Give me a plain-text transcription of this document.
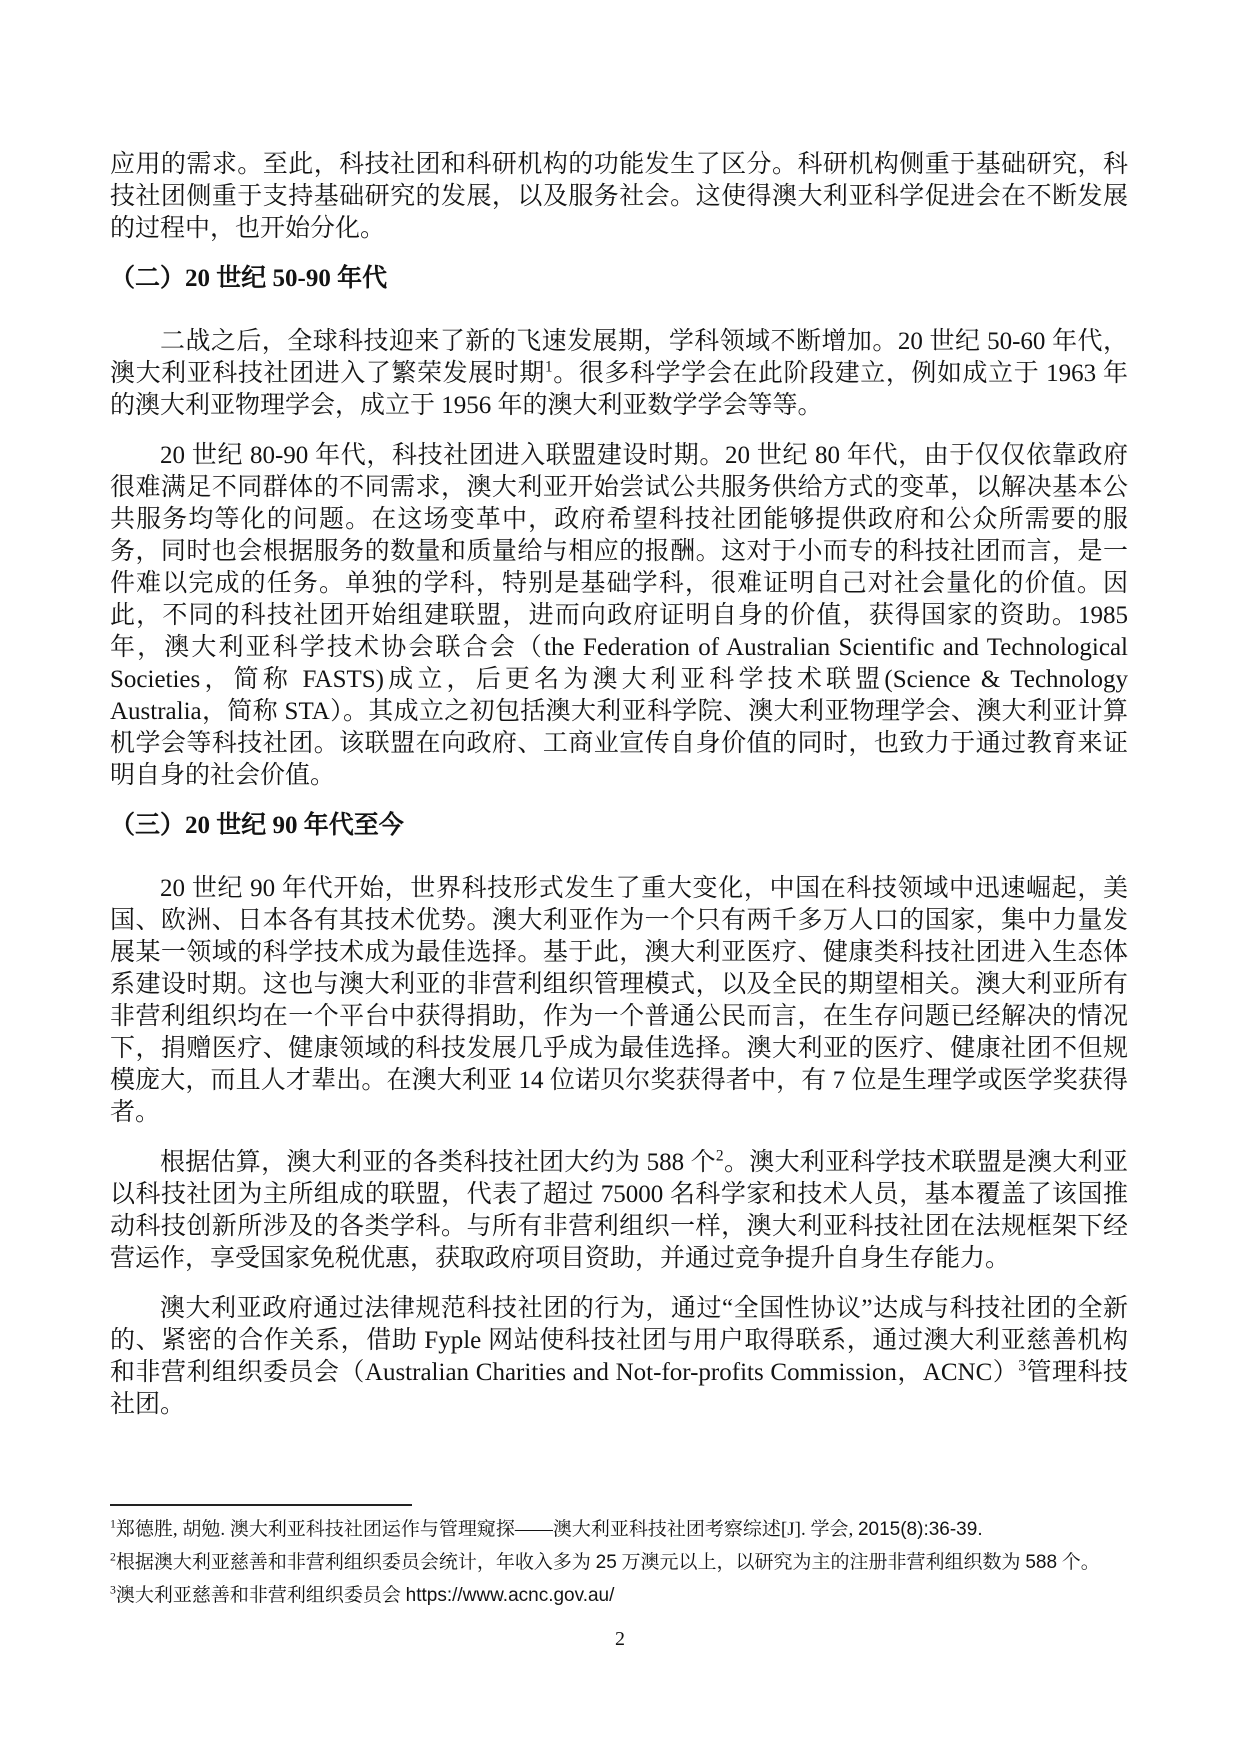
应用的需求。至此，科技社团和科研机构的功能发生了区分。科研机构侧重于基础研究，科技社团侧重于支持基础研究的发展，以及服务社会。这使得澳大利亚科学促进会在不断发展的过程中，也开始分化。

（二）20 世纪 50-90 年代

二战之后，全球科技迎来了新的飞速发展期，学科领域不断增加。20 世纪 50-60 年代，澳大利亚科技社团进入了繁荣发展时期$^1$。很多科学学会在此阶段建立，例如成立于 1963 年的澳大利亚物理学会，成立于 1956 年的澳大利亚数学学会等等。

20 世纪 80-90 年代，科技社团进入联盟建设时期。20 世纪 80 年代，由于仅仅依靠政府很难满足不同群体的不同需求，澳大利亚开始尝试公共服务供给方式的变革，以解决基本公共服务均等化的问题。在这场变革中，政府希望科技社团能够提供政府和公众所需要的服务，同时也会根据服务的数量和质量给与相应的报酬。这对于小而专的科技社团而言，是一件难以完成的任务。单独的学科，特别是基础学科，很难证明自己对社会量化的价值。因此，不同的科技社团开始组建联盟，进而向政府证明自身的价值，获得国家的资助。1985 年，澳大利亚科学技术协会联合会（the Federation of Australian Scientific and Technological Societies，简称 FASTS)成立，后更名为澳大利亚科学技术联盟(Science & Technology Australia，简称 STA）。其成立之初包括澳大利亚科学院、澳大利亚物理学会、澳大利亚计算机学会等科技社团。该联盟在向政府、工商业宣传自身价值的同时，也致力于通过教育来证明自身的社会价值。

（三）20 世纪 90 年代至今

20 世纪 90 年代开始，世界科技形式发生了重大变化，中国在科技领域中迅速崛起，美国、欧洲、日本各有其技术优势。澳大利亚作为一个只有两千多万人口的国家，集中力量发展某一领域的科学技术成为最佳选择。基于此，澳大利亚医疗、健康类科技社团进入生态体系建设时期。这也与澳大利亚的非营利组织管理模式，以及全民的期望相关。澳大利亚所有非营利组织均在一个平台中获得捐助，作为一个普通公民而言，在生存问题已经解决的情况下，捐赠医疗、健康领域的科技发展几乎成为最佳选择。澳大利亚的医疗、健康社团不但规模庞大，而且人才辈出。在澳大利亚 14 位诺贝尔奖获得者中，有 7 位是生理学或医学奖获得者。

根据估算，澳大利亚的各类科技社团大约为 588 个$^2$。澳大利亚科学技术联盟是澳大利亚以科技社团为主所组成的联盟，代表了超过 75000 名科学家和技术人员，基本覆盖了该国推动科技创新所涉及的各类学科。与所有非营利组织一样，澳大利亚科技社团在法规框架下经营运作，享受国家免税优惠，获取政府项目资助，并通过竞争提升自身生存能力。

澳大利亚政府通过法律规范科技社团的行为，通过“全国性协议”达成与科技社团的全新的、紧密的合作关系，借助 Fyple 网站使科技社团与用户取得联系，通过澳大利亚慈善机构和非营利组织委员会（Australian Charities and Not-for-profits Commission，ACNC）$^3$管理科技社团。

$^1$郑德胜, 胡勉. 澳大利亚科技社团运作与管理窥探——澳大利亚科技社团考察综述[J]. 学会, 2015(8):36-39.

$^2$根据澳大利亚慈善和非营利组织委员会统计，年收入多为 25 万澳元以上，以研究为主的注册非营利组织数为 588 个。

$^3$澳大利亚慈善和非营利组织委员会 https://www.acnc.gov.au/

2
